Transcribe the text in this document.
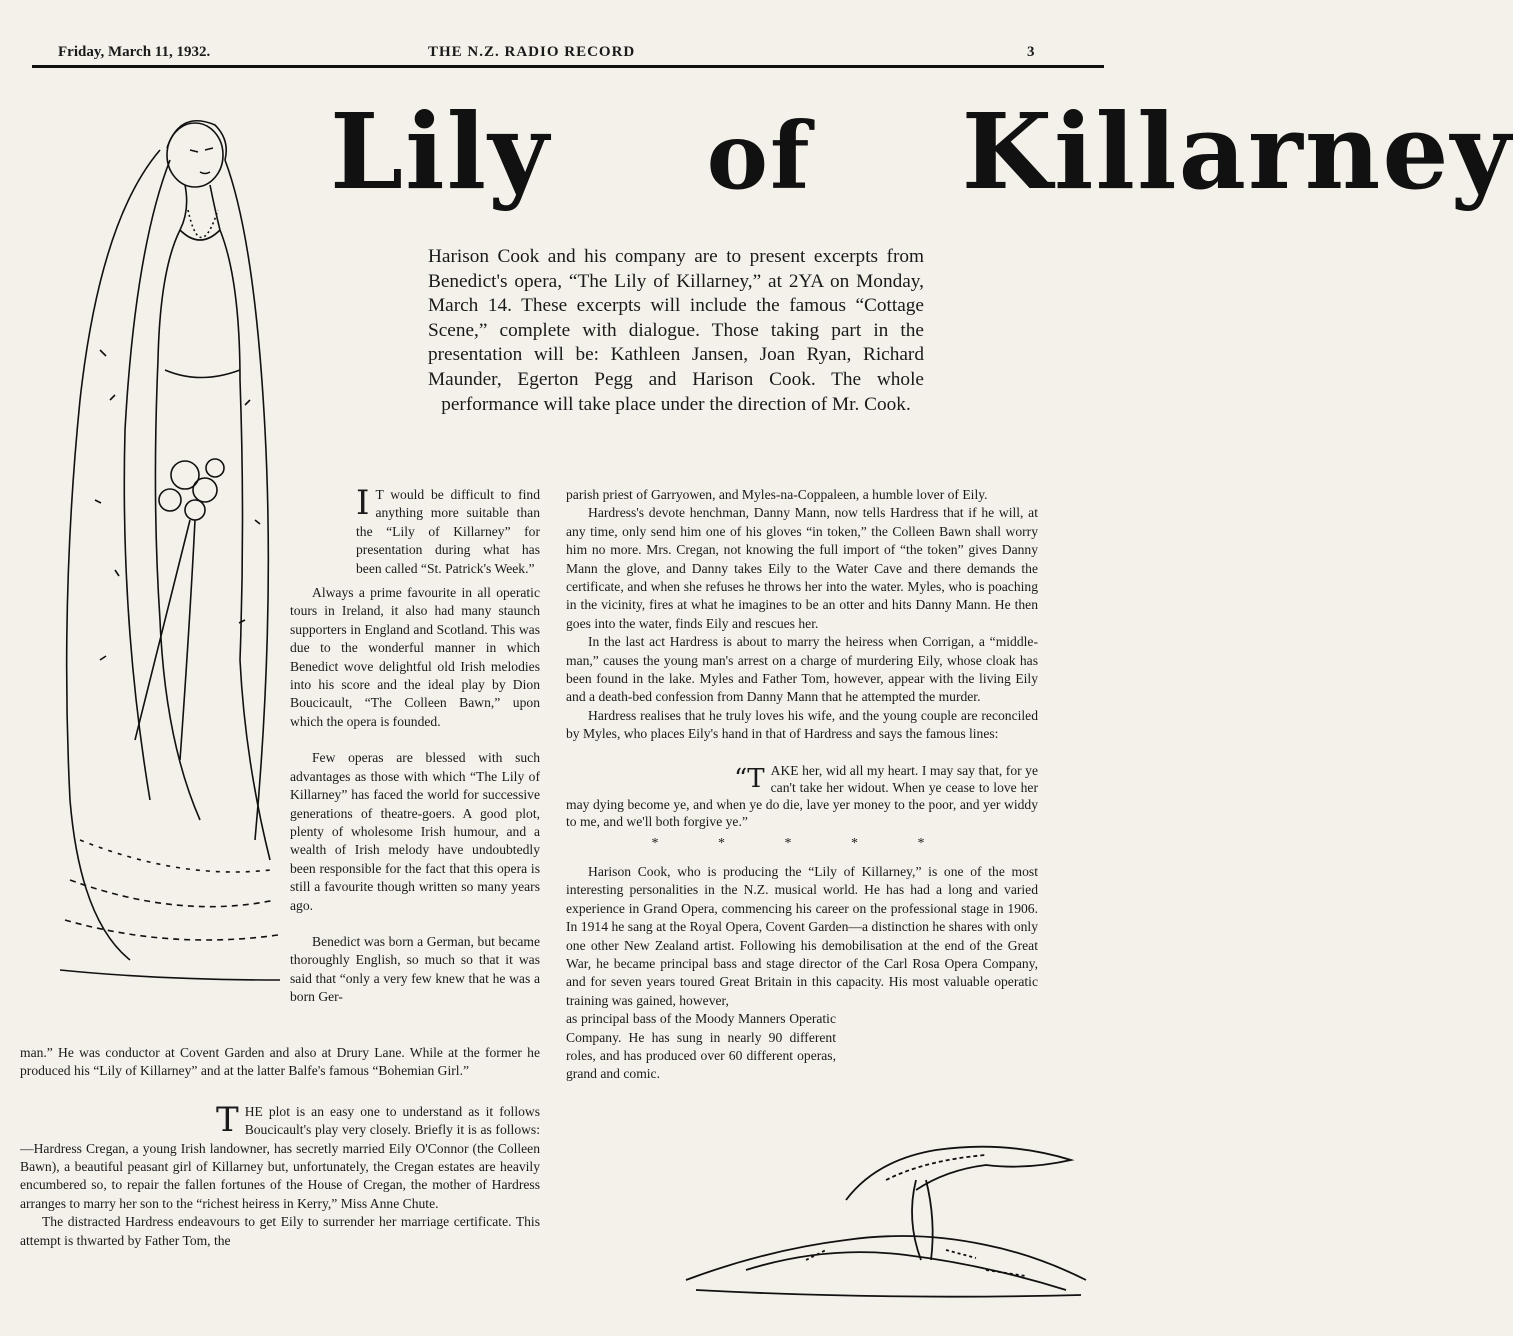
Friday, March 11, 1932.	THE N.Z. RADIO RECORD	3
Lily of Killarney
Harison Cook and his company are to present excerpts from Benedict's opera, “The Lily of Killarney,” at 2YA on Monday, March 14. These excerpts will include the famous “Cottage Scene,” complete with dialogue. Those taking part in the presentation will be: Kathleen Jansen, Joan Ryan, Richard Maunder, Egerton Pegg and Harison Cook. The whole performance will take place under the direction of Mr. Cook.

I T would be difficult to find anything more suitable than the “Lily of Killarney” for presentation during what has been called “St. Patrick's Week.”

Always a prime favourite in all operatic tours in Ireland, it also had many staunch supporters in England and Scotland. This was due to the wonderful manner in which Benedict wove delightful old Irish melodies into his score and the ideal play by Dion Boucicault, “The Colleen Bawn,” upon which the opera is founded.

Few operas are blessed with such advantages as those with which “The Lily of Killarney” has faced the world for successive generations of theatre-goers. A good plot, plenty of wholesome Irish humour, and a wealth of Irish melody have undoubtedly been responsible for the fact that this opera is still a favourite though written so many years ago.

Benedict was born a German, but became thoroughly English, so much so that it was said that “only a very few knew that he was a born Ger-

man.” He was conductor at Covent Garden and also at Drury Lane. While at the former he produced his “Lily of Killarney” and at the latter Balfe's famous “Bohemian Girl.”

THE plot is an easy one to understand as it follows Boucicault's play very closely. Briefly it is as follows:—Hardress Cregan, a young Irish landowner, has secretly married Eily O'Connor (the Colleen Bawn), a beautiful peasant girl of Killarney but, unfortunately, the Cregan estates are heavily encumbered so, to repair the fallen fortunes of the House of Cregan, the mother of Hardress arranges to marry her son to the “richest heiress in Kerry,” Miss Anne Chute.

The distracted Hardress endeavours to get Eily to surrender her marriage certificate. This attempt is thwarted by Father Tom, the

parish priest of Garryowen, and Myles-na-Coppaleen, a humble lover of Eily.

Hardress's devote henchman, Danny Mann, now tells Hardress that if he will, at any time, only send him one of his gloves “in token,” the Colleen Bawn shall worry him no more. Mrs. Cregan, not knowing the full import of “the token” gives Danny Mann the glove, and Danny takes Eily to the Water Cave and there demands the certificate, and when she refuses he throws her into the water. Myles, who is poaching in the vicinity, fires at what he imagines to be an otter and hits Danny Mann. He then goes into the water, finds Eily and rescues her.

In the last act Hardress is about to marry the heiress when Corrigan, a “middle-man,” causes the young man's arrest on a charge of murdering Eily, whose cloak has been found in the lake. Myles and Father Tom, however, appear with the living Eily and a death-bed confession from Danny Mann that he attempted the murder.

Hardress realises that he truly loves his wife, and the young couple are reconciled by Myles, who places Eily's hand in that of Hardress and says the famous lines:

“TAKE her, wid all my heart. I may say that, for ye can't take her widout. When ye cease to love her may dying become ye, and when ye do die, lave yer money to the poor, and yer widdy to me, and we'll both forgive ye.”
* * * * *

Harison Cook, who is producing the “Lily of Killarney,” is one of the most interesting personalities in the N.Z. musical world. He has had a long and varied experience in Grand Opera, commencing his career on the professional stage in 1906. In 1914 he sang at the Royal Opera, Covent Garden—a distinction he shares with only one other New Zealand artist. Following his demobilisation at the end of the Great War, he became principal bass and stage director of the Carl Rosa Opera Company, and for seven years toured Great Britain in this capacity. His most valuable operatic training was gained, however,

as principal bass of the Moody Manners Operatic Company. He has sung in nearly 90 different roles, and has produced over 60 different operas, grand and comic.
